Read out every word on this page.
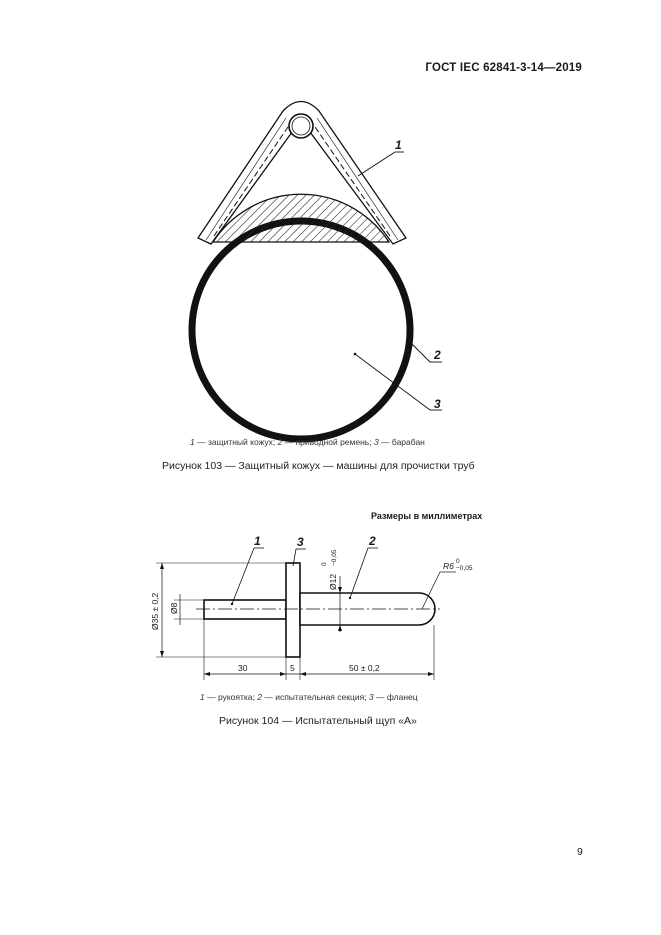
ГОСТ IEC 62841-3-14—2019
1
2
3
Ø35 ± 0,2 Ø8
Ø12
0 −0,05	R6 0
−0,05
30	5	50 ± 0,2
1	3	2
1 — защитный кожух; 2 — приводной ремень; 3 — барабан
Рисунок 103 — Защитный кожух — машины для прочистки труб
Размеры в миллиметрах
1 — рукоятка; 2 — испытательная секция; 3 — фланец
Рисунок 104 — Испытательный щуп «А»
9
